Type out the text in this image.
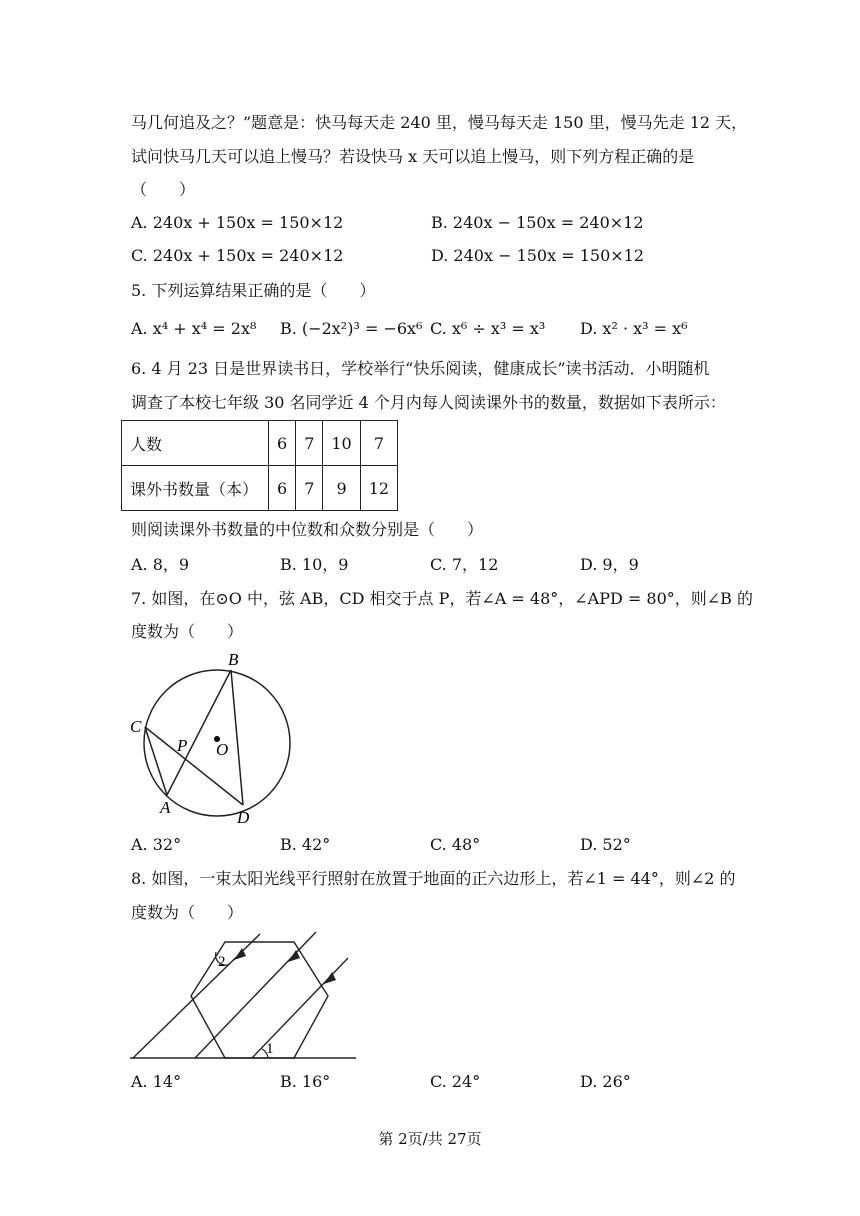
马几何追及之？”题意是：快马每天走 240 里，慢马每天走 150 里，慢马先走 12 天，
试问快马几天可以追上慢马？若设快马 x 天可以追上慢马，则下列方程正确的是
（　　）
A. 240x + 150x = 150×12	B. 240x − 150x = 240×12
C. 240x + 150x = 240×12	D. 240x − 150x = 150×12
5. 下列运算结果正确的是（　　）
A. x⁴ + x⁴ = 2x⁸ B. (−2x²)³ = −6x⁶ C. x⁶ ÷ x³ = x³ D. x² · x³ = x⁶
6. 4 月 23 日是世界读书日，学校举行“快乐阅读，健康成长”读书活动．小明随机
调查了本校七年级 30 名同学近 4 个月内每人阅读课外书的数量，数据如下表所示：
人数	6	7	10	7
课外书数量（本）	6	7	9	12
则阅读课外书数量的中位数和众数分别是（　　）
A. 8，9	B. 10，9	C. 7，12	D. 9，9
7. 如图，在⊙O 中，弦 AB，CD 相交于点 P，若∠A = 48°，∠APD = 80°，则∠B 的
度数为（　　）
B
C
P O
A
D
A. 32°	B. 42°	C. 48°	D. 52°
8. 如图，一束太阳光线平行照射在放置于地面的正六边形上，若∠1 = 44°，则∠2 的
度数为（　　）
1
2
A. 14°	B. 16°	C. 24°	D. 26°
第 2页/共 27页
